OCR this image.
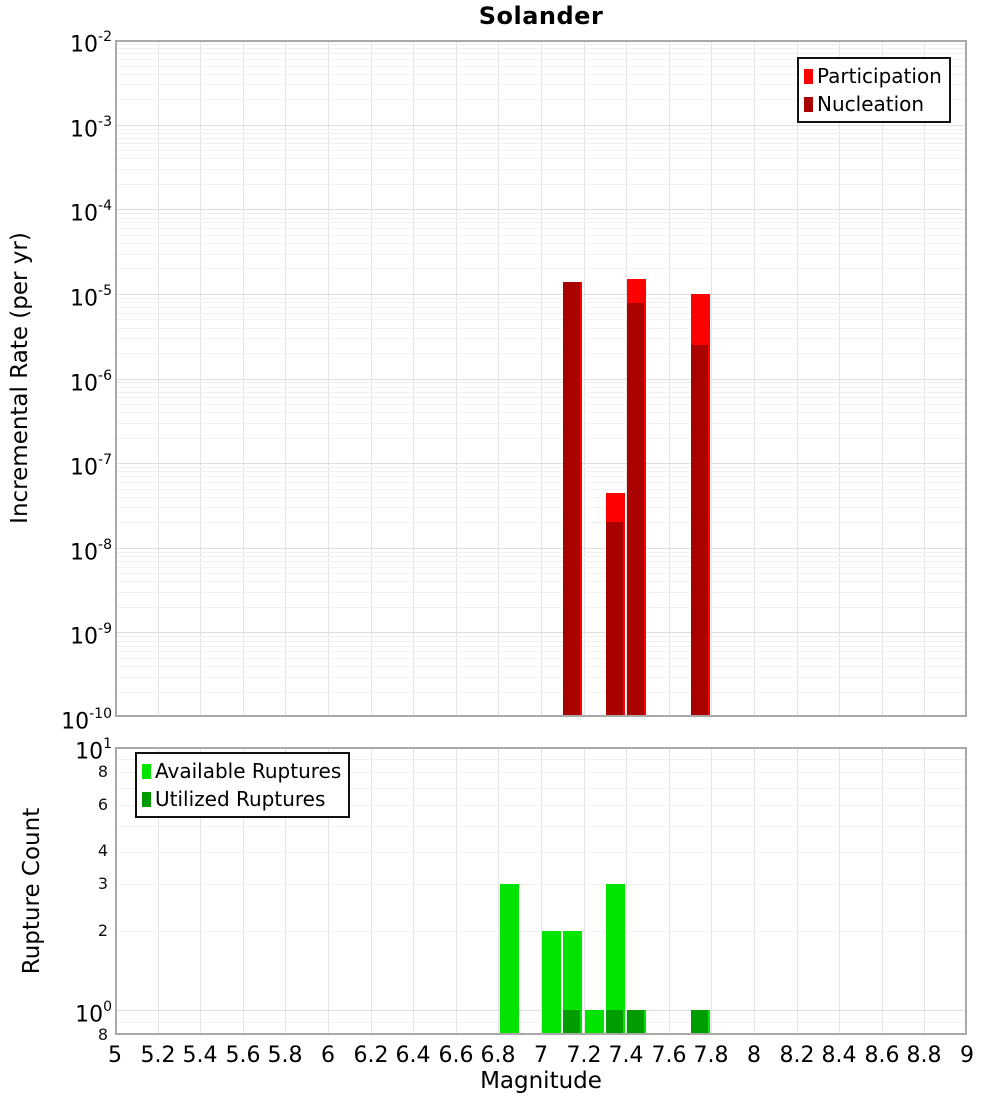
Solander
Incremental Rate (per yr)
Rupture Count
Magnitude
Participation
Nucleation
Available Ruptures
Utilized Ruptures
$10^{-2}$
$10^{-3}$
$10^{-4}$
$10^{-5}$
$10^{-6}$
$10^{-7}$
$10^{-8}$
$10^{-9}$
$10^{-10}$
$10^1$
8
6
4
3
2
$10^0$
8
5 5.2 5.4 5.6 5.8 6 6.2 6.4 6.6 6.8 7 7.2 7.4 7.6 7.8 8 8.2 8.4 8.6 8.8 9
